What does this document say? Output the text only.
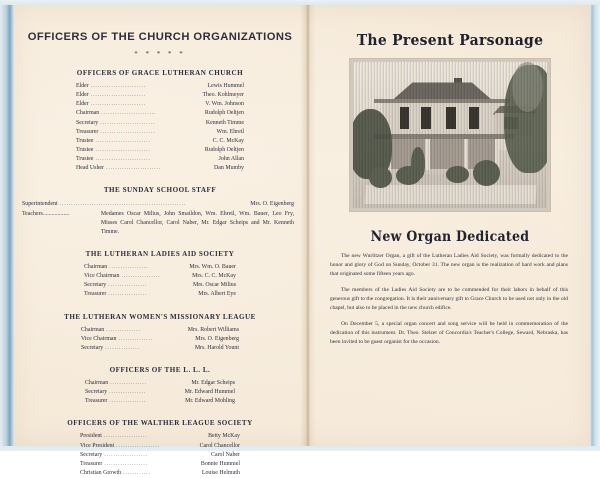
OFFICERS OF THE CHURCH ORGANIZATIONS
* * * * *
OFFICERS OF GRACE LUTHERAN CHURCH
Elder ........................	Lewis Hummel
Elder ........................	Theo. Kohlmeyer
Elder ........................	V. Wm. Johnson
Chairman ........................	Rudolph Oeltjen
Secretary ........................	Kenneth Timme
Treasurer ........................	Wm. Ehretl
Trustee ........................	C. C. McKay
Trustee ........................	Rudolph Oeltjen
Trustee ........................	John Allan
Head Usher ........................	Dan Mumby
THE SUNDAY SCHOOL STAFF
Superintendent .......................................................	Mrs. O. Eigenberg
Teachers ..................	Medames Oscar Milius, John Smaildon, Wm. Ehretl, Wm. Bauer, Leo Fry, Misses Carol Chancellor, Carol Naber, Mr. Edgar Scheips and Mr. Kenneth Timme.
THE LUTHERAN LADIES AID SOCIETY
Chairman .................	Mrs. Wm. O. Bauer
Vice Chairman .................	Mrs. C. C. McKay
Secretary .................	Mrs. Oscar Milius
Treasurer .................	Mrs. Albert Eye
THE LUTHERAN WOMEN'S MISSIONARY LEAGUE
Chairman ...............	Mrs. Robert Williams
Vice Chairman ...............	Mrs. O. Eigenberg
Secretary ...............	Mrs. Harold Yount
OFFICERS OF THE L. L. L.
Chairman ................	Mr. Edgar Scheips
Secretary ................	Mr. Edward Hummel
Treasurer ................	Mr. Edward Mohling
OFFICERS OF THE WALTHER LEAGUE SOCIETY
President ...................	Betty McKay
Vice President ...................	Carol Chancellor
Secretary ...................	Carol Naber
Treasurer ...................	Bonnie Hummel
Christian Growth ............	Louise Helmuth
The Present Parsonage
New Organ Dedicated
The new Wurlitzer Organ, a gift of the Lutheran Ladies Aid Society, was formally dedicated to the honor and glory of God on Sunday, October 31. The new organ is the realization of hard work and plans that originated some fifteen years ago.
The members of the Ladies Aid Society are to be commended for their labors in behalf of this generous gift to the congregation. It is their anniversary gift to Grace Church to be used not only in the old chapel, but also to be placed in the new church edifice.
On December 5, a special organ concert and song service will be held in commemoration of the dedication of this instrument. Dr. Theo. Stelzer of Concordia's Teacher's College, Seward, Nebraska, has been invited to be guest organist for the occasion.
